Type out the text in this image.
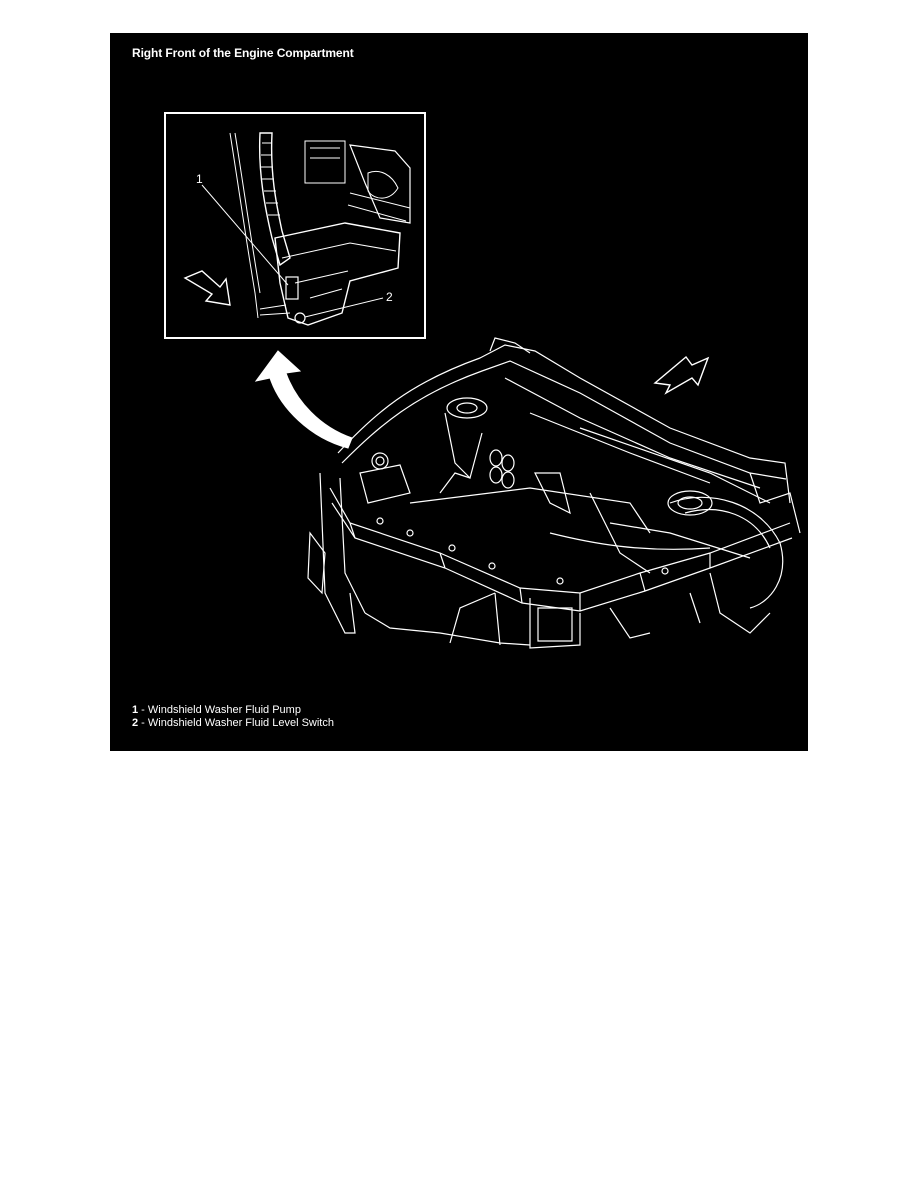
Right Front of the Engine Compartment
1
2
1 - Windshield Washer Fluid Pump
2 - Windshield Washer Fluid Level Switch
